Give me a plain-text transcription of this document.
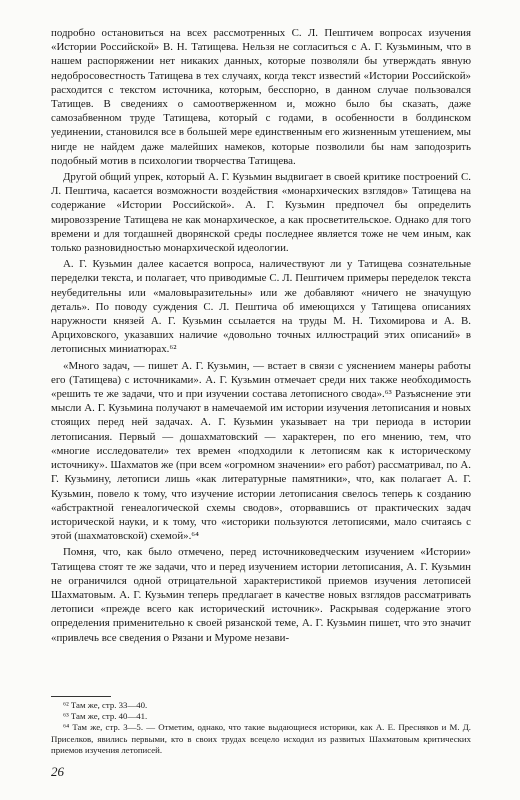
подробно остановиться на всех рассмотренных С. Л. Пештичем вопросах изучения «Истории Российской» В. Н. Татищева. Нельзя не согласиться с А. Г. Кузьминым, что в нашем распоряжении нет никаких данных, которые позволяли бы утверждать явную недобросовестность Татищева в тех случаях, когда текст известий «Истории Российской» расходится с текстом источника, которым, бесспорно, в данном случае пользовался Татищев. В сведениях о самоотверженном и, можно было бы сказать, даже самозабвенном труде Татищева, который с годами, в особенности в болдинском уединении, становился все в большей мере единственным его жизненным утешением, мы нигде не найдем даже малейших намеков, которые позволили бы нам заподозрить подобный мотив в психологии творчества Татищева.

Другой общий упрек, который А. Г. Кузьмин выдвигает в своей критике построений С. Л. Пештича, касается возможности воздействия «монархических взглядов» Татищева на содержание «Истории Российской». А. Г. Кузьмин предпочел бы определить мировоззрение Татищева не как монархическое, а как просветительское. Однако для того времени и для тогдашней дворянской среды последнее является тоже не чем иным, как только разновидностью монархической идеологии.

А. Г. Кузьмин далее касается вопроса, наличествуют ли у Татищева сознательные переделки текста, и полагает, что приводимые С. Л. Пештичем примеры переделок текста неубедительны или «маловыразительны» или же добавляют «ничего не значущую деталь». По поводу суждения С. Л. Пештича об имеющихся у Татищева описаниях наружности князей А. Г. Кузьмин ссылается на труды М. Н. Тихомирова и А. В. Арциховского, указавших наличие «довольно точных иллюстраций этих описаний» в летописных миниатюрах.⁶²

«Много задач, — пишет А. Г. Кузьмин, — встает в связи с уяснением манеры работы его (Татищева) с источниками». А. Г. Кузьмин отмечает среди них также необходимость «решить те же задачи, что и при изучении состава летописного свода».⁶³ Разъяснение эти мысли А. Г. Кузьмина получают в намечаемой им истории изучения летописания и новых стоящих перед ней задачах. А. Г. Кузьмин указывает на три периода в истории летописания. Первый — дошахматовский — характерен, по его мнению, тем, что «многие исследователи» тех времен «подходили к летописям как к историческому источнику». Шахматов же (при всем «огромном значении» его работ) рассматривал, по А. Г. Кузьмину, летописи лишь «как литературные памятники», что, как полагает А. Г. Кузьмин, повело к тому, что изучение истории летописания свелось теперь к созданию «абстрактной генеалогической схемы сводов», оторвавшись от практических задач исторической науки, и к тому, что «историки пользуются летописями, мало считаясь с этой (шахматовской) схемой».⁶⁴

Помня, что, как было отмечено, перед источниковедческим изучением «Истории» Татищева стоят те же задачи, что и перед изучением истории летописания, А. Г. Кузьмин не ограничился одной отрицательной характеристикой приемов изучения летописей Шахматовым. А. Г. Кузьмин теперь предлагает в качестве новых взглядов рассматривать летописи «прежде всего как исторический источник». Раскрывая содержание этого определения применительно к своей рязанской теме, А. Г. Кузьмин пишет, что это значит «привлечь все сведения о Рязани и Муроме незави-

⁶² Там же, стр. 33—40.

⁶³ Там же, стр. 40—41.

⁶⁴ Там же, стр. 3—5. — Отметим, однако, что такие выдающиеся историки, как А. Е. Пресняков и М. Д. Приселков, явились первыми, кто в своих трудах всецело исходил из развитых Шахматовым критических приемов изучения летописей.

26
